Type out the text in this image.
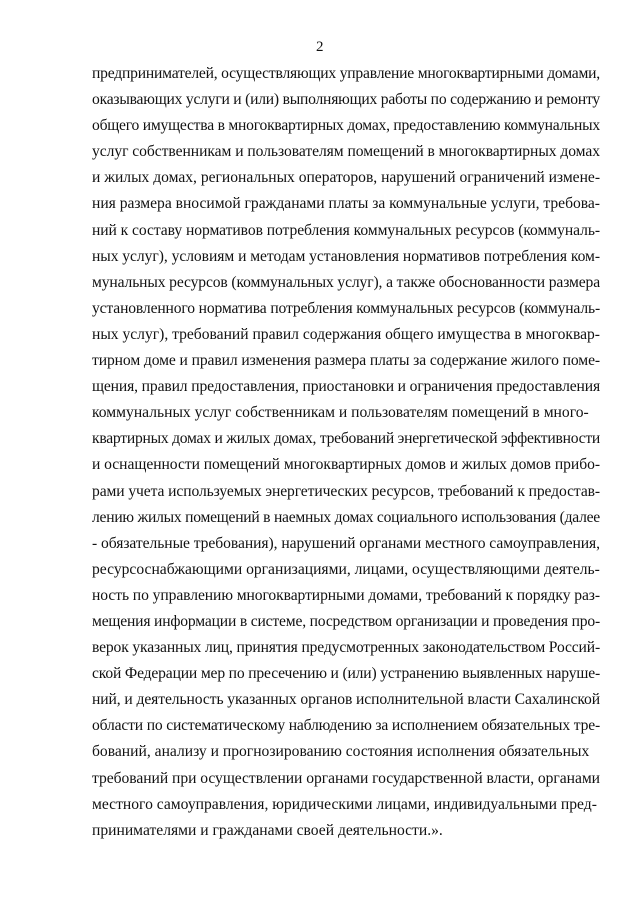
2
предпринимателей, осуществляющих управление многоквартирными домами,
оказывающих услуги и (или) выполняющих работы по содержанию и ремонту
общего имущества в многоквартирных домах, предоставлению коммунальных
услуг собственникам и пользователям помещений в многоквартирных домах
и жилых домах, региональных операторов, нарушений ограничений измене-
ния размера вносимой гражданами платы за коммунальные услуги, требова-
ний к составу нормативов потребления коммунальных ресурсов (коммуналь-
ных услуг), условиям и методам установления нормативов потребления ком-
мунальных ресурсов (коммунальных услуг), а также обоснованности размера
установленного норматива потребления коммунальных ресурсов (коммуналь-
ных услуг), требований правил содержания общего имущества в многоквар-
тирном доме и правил изменения размера платы за содержание жилого поме-
щения, правил предоставления, приостановки и ограничения предоставления
коммунальных услуг собственникам и пользователям помещений в много-
квартирных домах и жилых домах, требований энергетической эффективности
и оснащенности помещений многоквартирных домов и жилых домов прибо-
рами учета используемых энергетических ресурсов, требований к предостав-
лению жилых помещений в наемных домах социального использования (далее
- обязательные требования), нарушений органами местного самоуправления,
ресурсоснабжающими организациями, лицами, осуществляющими деятель-
ность по управлению многоквартирными домами, требований к порядку раз-
мещения информации в системе, посредством организации и проведения про-
верок указанных лиц, принятия предусмотренных законодательством Россий-
ской Федерации мер по пресечению и (или) устранению выявленных наруше-
ний, и деятельность указанных органов исполнительной власти Сахалинской
области по систематическому наблюдению за исполнением обязательных тре-
бований, анализу и прогнозированию состояния исполнения обязательных
требований при осуществлении органами государственной власти, органами
местного самоуправления, юридическими лицами, индивидуальными пред-
принимателями и гражданами своей деятельности.».
